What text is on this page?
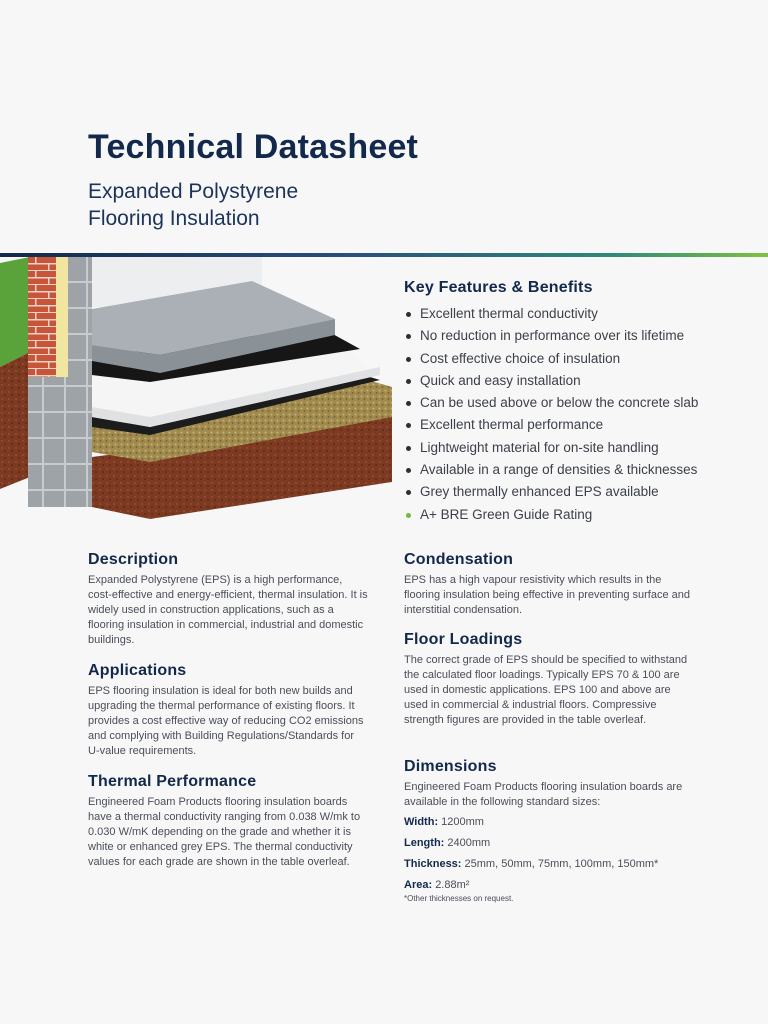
Technical Datasheet
Expanded Polystyrene
Flooring Insulation
Key Features & Benefits
Excellent thermal conductivity
No reduction in performance over its lifetime
Cost effective choice of insulation
Quick and easy installation
Can be used above or below the concrete slab
Excellent thermal performance
Lightweight material for on-site handling
Available in a range of densities & thicknesses
Grey thermally enhanced EPS available
A+ BRE Green Guide Rating
Description

Expanded Polystyrene (EPS) is a high performance, cost-effective and energy-efficient, thermal insulation. It is widely used in construction applications, such as a flooring insulation in commercial, industrial and domestic buildings.

Applications

EPS flooring insulation is ideal for both new builds and upgrading the thermal performance of existing floors. It provides a cost effective way of reducing CO2 emissions and complying with Building Regulations/Standards for U-value requirements.

Thermal Performance

Engineered Foam Products flooring insulation boards have a thermal conductivity ranging from 0.038 W/mk to 0.030 W/mK depending on the grade and whether it is white or enhanced grey EPS. The thermal conductivity values for each grade are shown in the table overleaf.

Condensation

EPS has a high vapour resistivity which results in the flooring insulation being effective in preventing surface and interstitial condensation.

Floor Loadings

The correct grade of EPS should be specified to withstand the calculated floor loadings. Typically EPS 70 & 100 are used in domestic applications. EPS 100 and above are used in commercial & industrial floors. Compressive strength figures are provided in the table overleaf.

Dimensions

Engineered Foam Products flooring insulation boards are available in the following standard sizes:

Width: 1200mm
Length: 2400mm
Thickness: 25mm, 50mm, 75mm, 100mm, 150mm*
Area: 2.88m²
*Other thicknesses on request.
